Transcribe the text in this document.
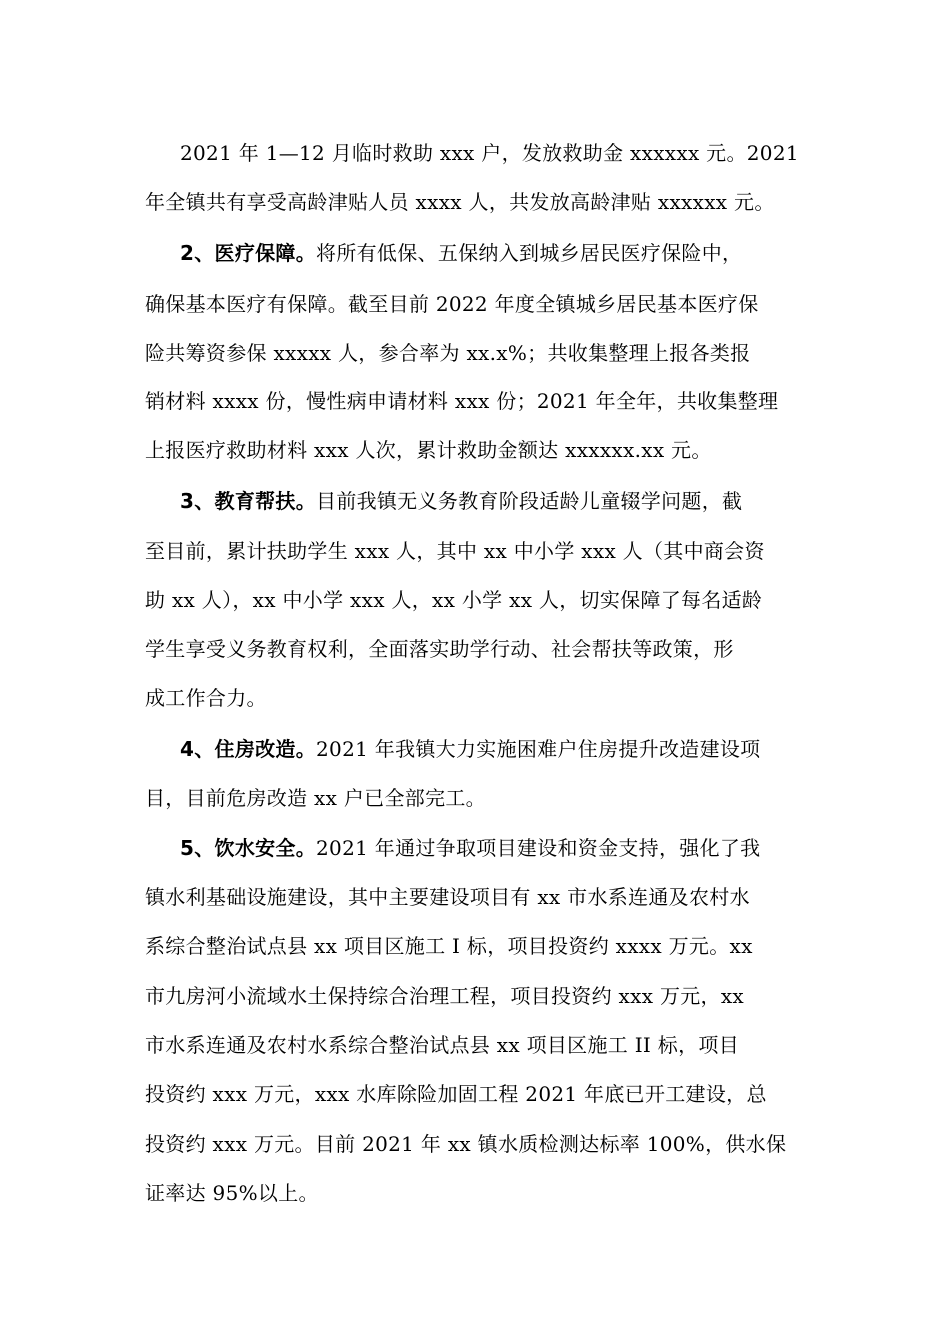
2021 年 1—12 月临时救助 xxx 户，发放救助金 xxxxxx 元。2021
年全镇共有享受高龄津贴人员 xxxx 人，共发放高龄津贴 xxxxxx 元。
2、医疗保障。将所有低保、五保纳入到城乡居民医疗保险中，
确保基本医疗有保障。截至目前 2022 年度全镇城乡居民基本医疗保
险共筹资参保 xxxxx 人，参合率为 xx.x%；共收集整理上报各类报
销材料 xxxx 份，慢性病申请材料 xxx 份；2021 年全年，共收集整理
上报医疗救助材料 xxx 人次，累计救助金额达 xxxxxx.xx 元。
3、教育帮扶。目前我镇无义务教育阶段适龄儿童辍学问题，截
至目前，累计扶助学生 xxx 人，其中 xx 中小学 xxx 人（其中商会资
助 xx 人），xx 中小学 xxx 人，xx 小学 xx 人，切实保障了每名适龄
学生享受义务教育权利，全面落实助学行动、社会帮扶等政策，形
成工作合力。
4、住房改造。2021 年我镇大力实施困难户住房提升改造建设项
目，目前危房改造 xx 户已全部完工。
5、饮水安全。2021 年通过争取项目建设和资金支持，强化了我
镇水利基础设施建设，其中主要建设项目有 xx 市水系连通及农村水
系综合整治试点县 xx 项目区施工 I 标，项目投资约 xxxx 万元。xx
市九房河小流域水土保持综合治理工程，项目投资约 xxx 万元，xx
市水系连通及农村水系综合整治试点县 xx 项目区施工 II 标，项目
投资约 xxx 万元，xxx 水库除险加固工程 2021 年底已开工建设，总
投资约 xxx 万元。目前 2021 年 xx 镇水质检测达标率 100%，供水保
证率达 95%以上。
